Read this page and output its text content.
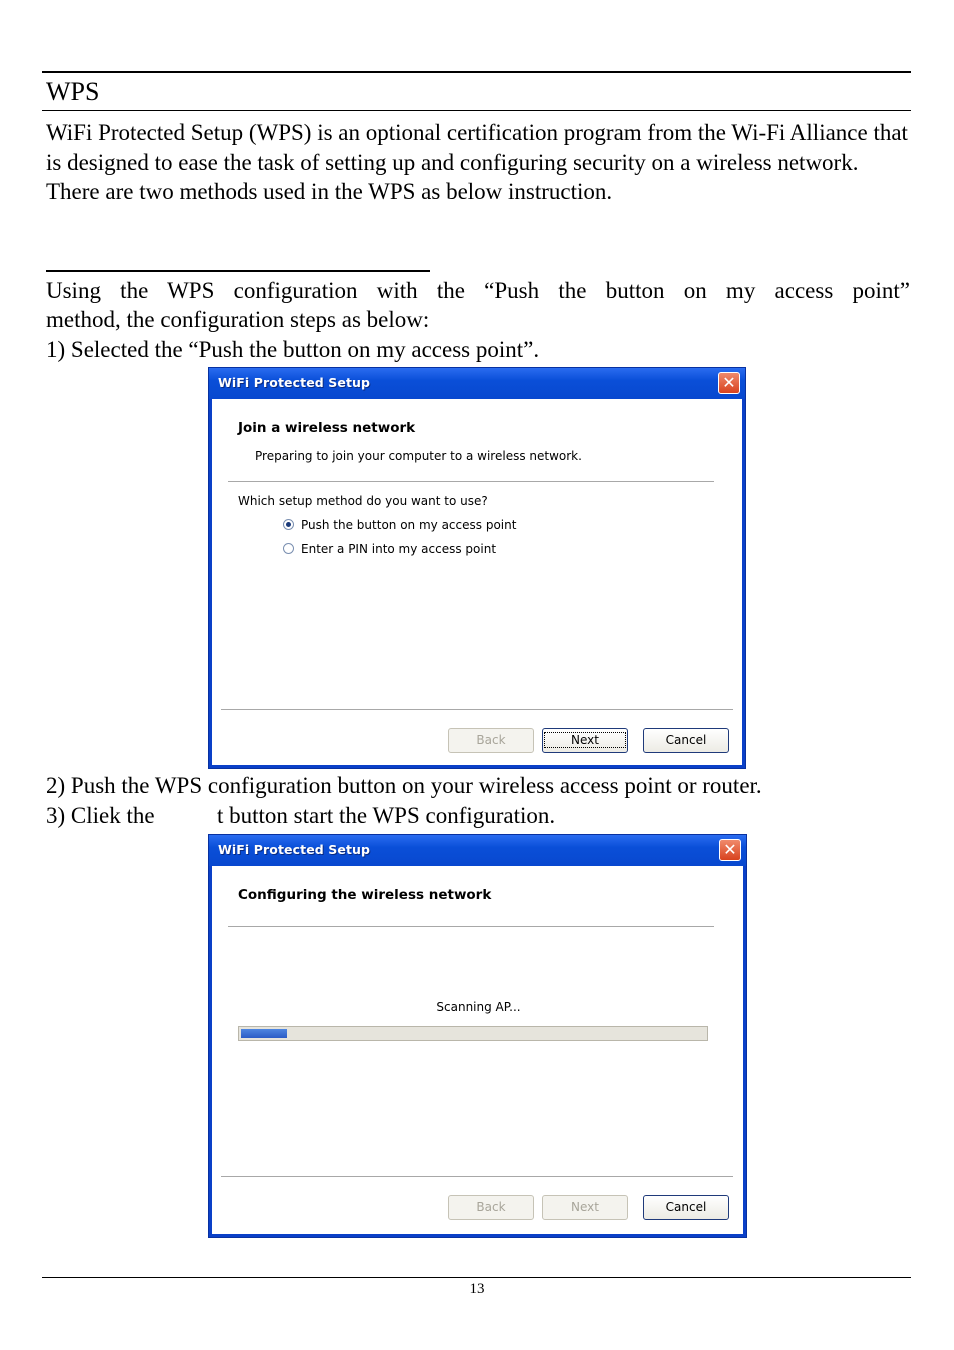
WPS
WiFi Protected Setup (WPS) is an optional certification program from the Wi-Fi Alliance that is designed to ease the task of setting up and configuring security on a wireless network. There are two methods used in the WPS as below instruction.
Using the WPS configuration with the “Push the button on my access point”
method, the configuration steps as below:
1) Selected the “Push the button on my access point”.
WiFi Protected Setup	✕
Join a wireless network
Preparing to join your computer to a wireless network.
Which setup method do you want to use?
Push the button on my access point
Enter a PIN into my access point
Back	Next	Cancel
2) Push the WPS configuration button on your wireless access point or router.
3) Cliek the	t button start the WPS configuration.
WiFi Protected Setup	✕
Configuring the wireless network
Scanning AP...
Back	Next	Cancel
13
